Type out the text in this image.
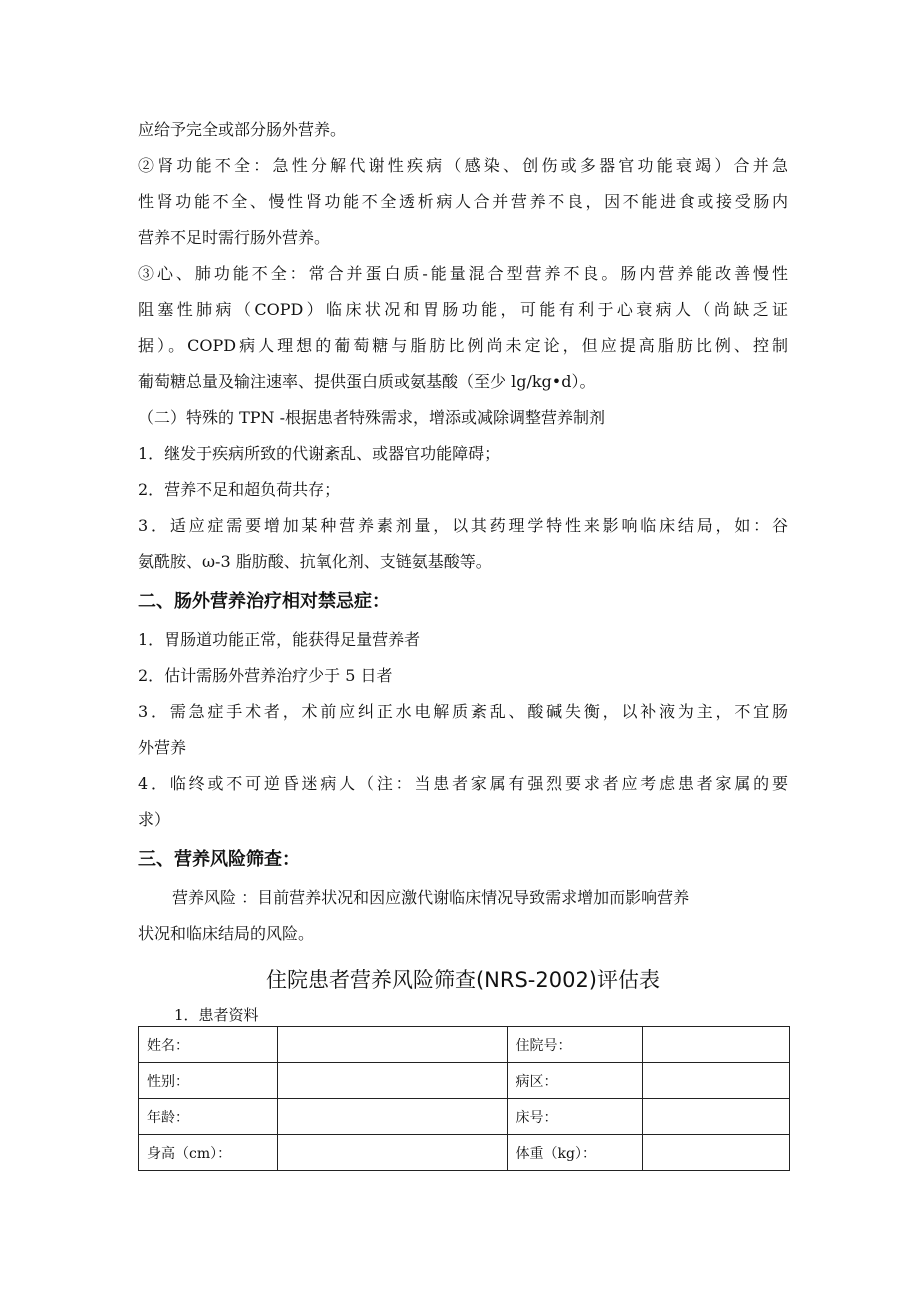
应给予完全或部分肠外营养。

②肾功能不全：急性分解代谢性疾病（感染、创伤或多器官功能衰竭）合并急

性肾功能不全、慢性肾功能不全透析病人合并营养不良，因不能进食或接受肠内

营养不足时需行肠外营养。

③心、肺功能不全：常合并蛋白质-能量混合型营养不良。肠内营养能改善慢性

阻塞性肺病（COPD）临床状况和胃肠功能，可能有利于心衰病人（尚缺乏证

据）。COPD病人理想的葡萄糖与脂肪比例尚未定论，但应提高脂肪比例、控制

葡萄糖总量及输注速率、提供蛋白质或氨基酸（至少 lg/kg•d）。

（二）特殊的 TPN -根据患者特殊需求，增添或减除调整营养制剂

1．继发于疾病所致的代谢紊乱、或器官功能障碍；

2．营养不足和超负荷共存；

3．适应症需要增加某种营养素剂量，以其药理学特性来影响临床结局，如：谷

氨酰胺、ω-3 脂肪酸、抗氧化剂、支链氨基酸等。

二、肠外营养治疗相对禁忌症：

1．胃肠道功能正常，能获得足量营养者

2．估计需肠外营养治疗少于 5 日者

3．需急症手术者，术前应纠正水电解质紊乱、酸碱失衡，以补液为主，不宜肠

外营养

4．临终或不可逆昏迷病人（注：当患者家属有强烈要求者应考虑患者家属的要

求）

三、营养风险筛查：

营养风险 ：目前营养状况和因应激代谢临床情况导致需求增加而影响营养

状况和临床结局的风险。

住院患者营养风险筛查(NRS-2002)评估表
1．患者资料
姓名：		住院号：	
性别：		病区：	
年龄：		床号：	
身高（cm）：		体重（kg）：	
